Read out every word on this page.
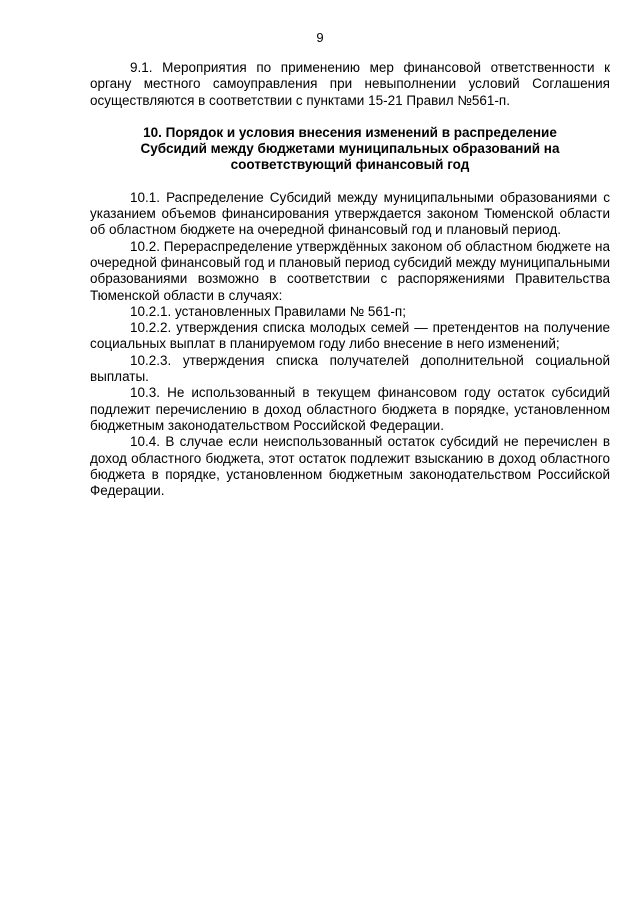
9

9.1. Мероприятия по применению мер финансовой ответственности к органу местного самоуправления при невыполнении условий Соглашения осуществляются в соответствии с пунктами 15-21 Правил №561-п.

10. Порядок и условия внесения изменений в распределение Субсидий между бюджетами муниципальных образований на соответствующий финансовый год

10.1. Распределение Субсидий между муниципальными образованиями с указанием объемов финансирования утверждается законом Тюменской области об областном бюджете на очередной финансовый год и плановый период.

10.2. Перераспределение утверждённых законом об областном бюджете на очередной финансовый год и плановый период субсидий между муниципальными образованиями возможно в соответствии с распоряжениями Правительства Тюменской области в случаях:

10.2.1. установленных Правилами № 561-п;

10.2.2. утверждения списка молодых семей — претендентов на получение социальных выплат в планируемом году либо внесение в него изменений;

10.2.3. утверждения списка получателей дополнительной социальной выплаты.

10.3. Не использованный в текущем финансовом году остаток субсидий подлежит перечислению в доход областного бюджета в порядке, установленном бюджетным законодательством Российской Федерации.

10.4. В случае если неиспользованный остаток субсидий не перечислен в доход областного бюджета, этот остаток подлежит взысканию в доход областного бюджета в порядке, установленном бюджетным законодательством Российской Федерации.
